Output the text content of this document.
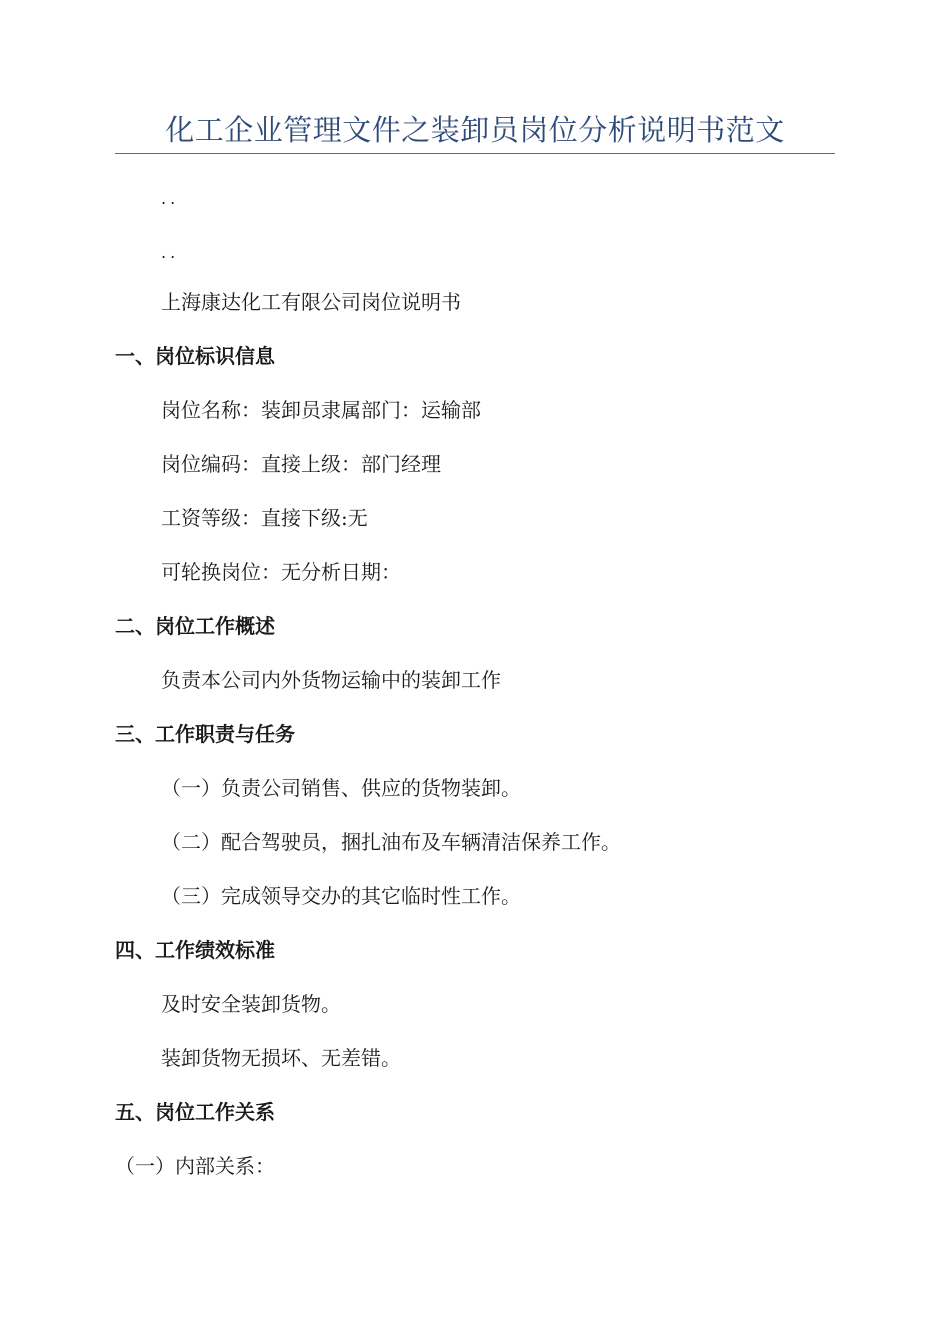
化工企业管理文件之装卸员岗位分析说明书范文
..
..
上海康达化工有限公司岗位说明书
一、岗位标识信息
岗位名称：装卸员隶属部门：运输部
岗位编码：直接上级：部门经理
工资等级：直接下级:无
可轮换岗位：无分析日期：
二、岗位工作概述
负责本公司内外货物运输中的装卸工作
三、工作职责与任务
（一）负责公司销售、供应的货物装卸。
（二）配合驾驶员，捆扎油布及车辆清洁保养工作。
（三）完成领导交办的其它临时性工作。
四、工作绩效标准
及时安全装卸货物。
装卸货物无损坏、无差错。
五、岗位工作关系
（一）内部关系：
